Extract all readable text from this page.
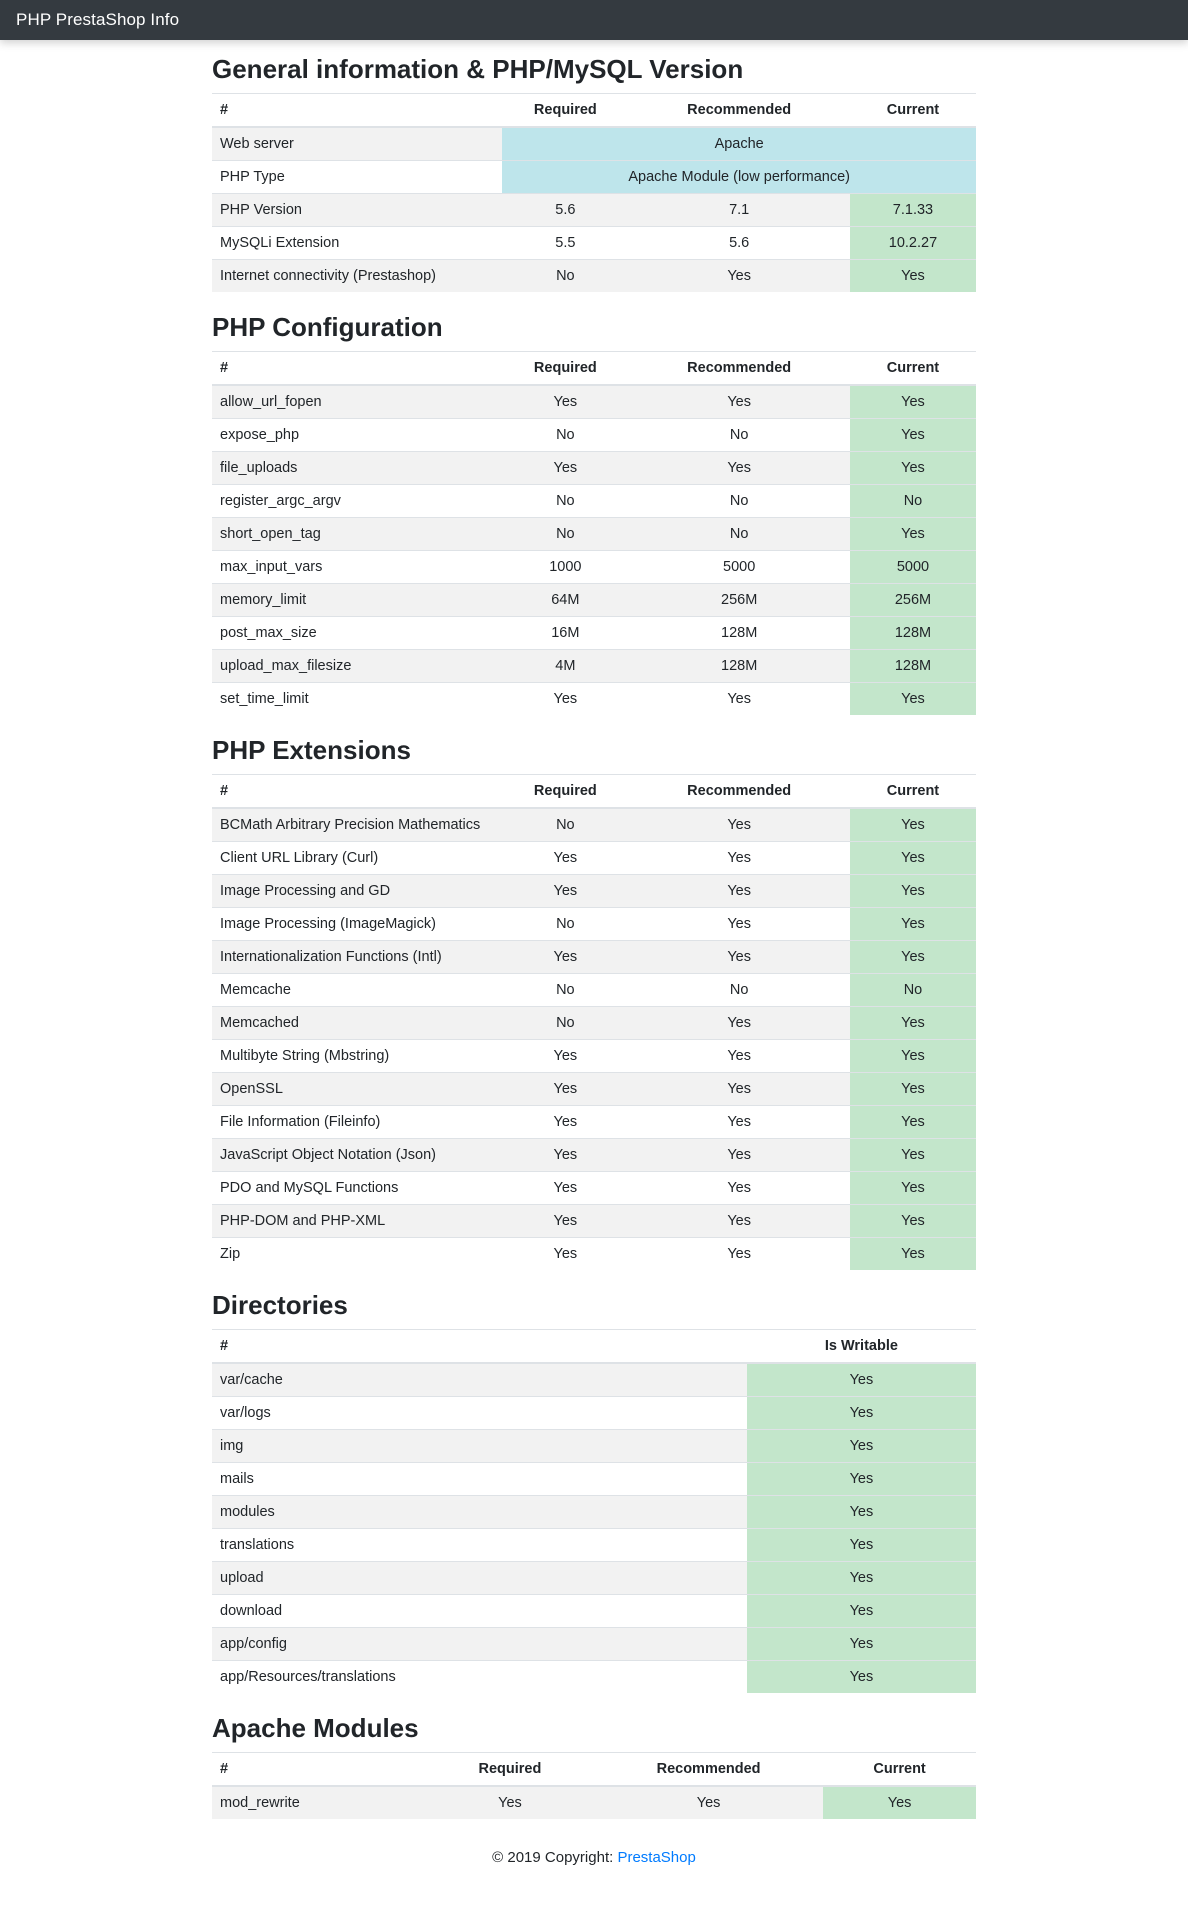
PHP PrestaShop Info
General information & PHP/MySQL Version
#	Required	Recommended	Current
Web server	Apache		
PHP Type	Apache Module (low performance)		
PHP Version	5.6	7.1	7.1.33
MySQLi Extension	5.5	5.6	10.2.27
Internet connectivity (Prestashop)	No	Yes	Yes
PHP Configuration
#	Required	Recommended	Current
allow_url_fopen	Yes	Yes	Yes
expose_php	No	No	Yes
file_uploads	Yes	Yes	Yes
register_argc_argv	No	No	No
short_open_tag	No	No	Yes
max_input_vars	1000	5000	5000
memory_limit	64M	256M	256M
post_max_size	16M	128M	128M
upload_max_filesize	4M	128M	128M
set_time_limit	Yes	Yes	Yes
PHP Extensions
#	Required	Recommended	Current
BCMath Arbitrary Precision Mathematics	No	Yes	Yes
Client URL Library (Curl)	Yes	Yes	Yes
Image Processing and GD	Yes	Yes	Yes
Image Processing (ImageMagick)	No	Yes	Yes
Internationalization Functions (Intl)	Yes	Yes	Yes
Memcache	No	No	No
Memcached	No	Yes	Yes
Multibyte String (Mbstring)	Yes	Yes	Yes
OpenSSL	Yes	Yes	Yes
File Information (Fileinfo)	Yes	Yes	Yes
JavaScript Object Notation (Json)	Yes	Yes	Yes
PDO and MySQL Functions	Yes	Yes	Yes
PHP-DOM and PHP-XML	Yes	Yes	Yes
Zip	Yes	Yes	Yes
Directories
#	Is Writable
var/cache	Yes
var/logs	Yes
img	Yes
mails	Yes
modules	Yes
translations	Yes
upload	Yes
download	Yes
app/config	Yes
app/Resources/translations	Yes
Apache Modules
#	Required	Recommended	Current
mod_rewrite	Yes	Yes	Yes
© 2019 Copyright: PrestaShop
